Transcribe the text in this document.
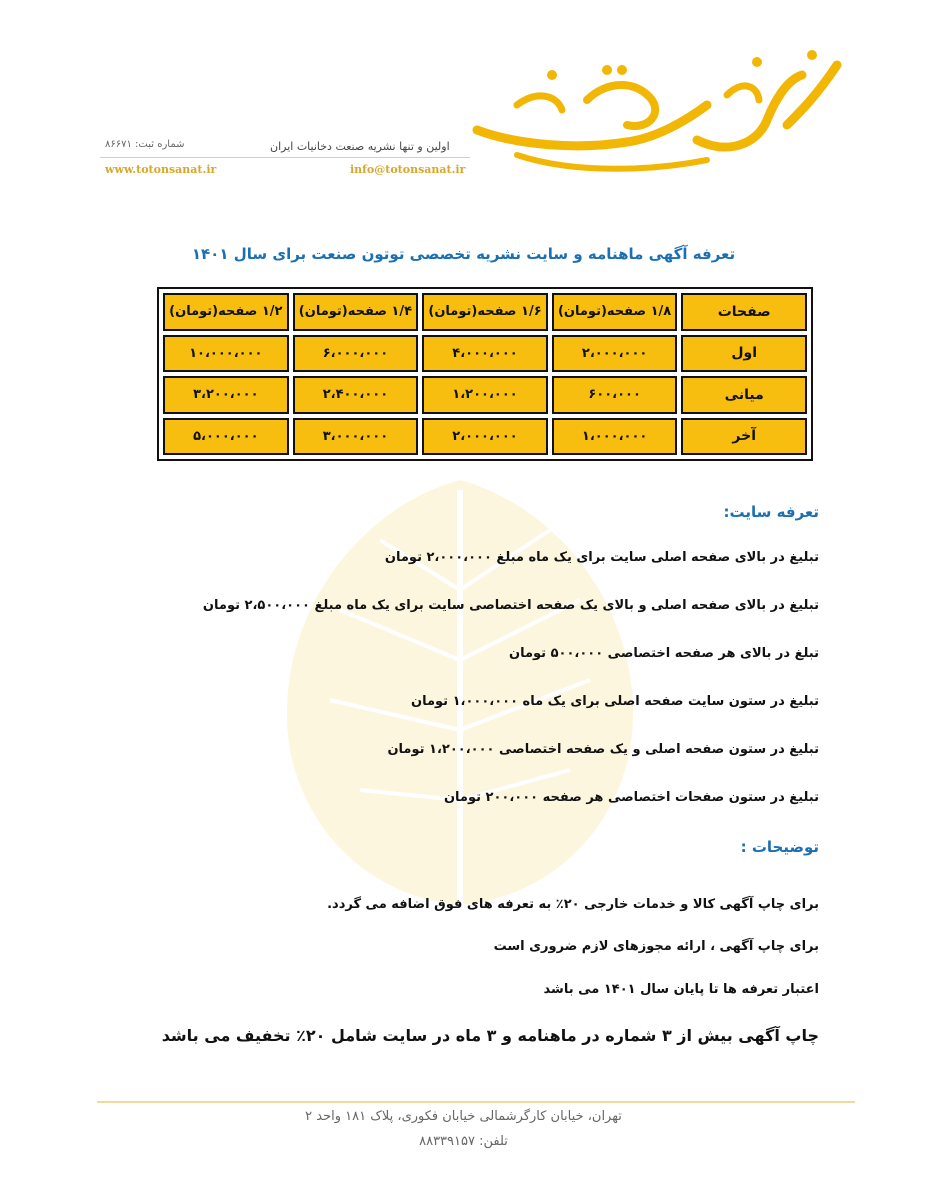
اولین و تنها نشریه صنعت دخانیات ایران
شماره ثبت: ۸۶۶۷۱
www.totonsanat.ir	info@totonsanat.ir
تعرفه آگهی ماهنامه و سایت نشریه تخصصی توتون صنعت برای سال ۱۴۰۱
صفحات	۱/۸ صفحه(تومان)	۱/۶ صفحه(تومان)	۱/۴ صفحه(تومان)	۱/۲ صفحه(تومان)
اول	۲،۰۰۰،۰۰۰	۴،۰۰۰،۰۰۰	۶،۰۰۰،۰۰۰	۱۰،۰۰۰،۰۰۰
میانی	۶۰۰،۰۰۰	۱،۲۰۰،۰۰۰	۲،۴۰۰،۰۰۰	۳،۲۰۰،۰۰۰
آخر	۱،۰۰۰،۰۰۰	۲،۰۰۰،۰۰۰	۳،۰۰۰،۰۰۰	۵،۰۰۰،۰۰۰
تعرفه سایت:
تبلیغ در بالای صفحه اصلی سایت برای یک ماه مبلغ ۲،۰۰۰،۰۰۰ تومان
تبلیغ در بالای صفحه اصلی و بالای یک صفحه اختصاصی سایت برای یک ماه مبلغ ۲،۵۰۰،۰۰۰ تومان
تبلغ در بالای هر صفحه اختصاصی ۵۰۰،۰۰۰ تومان
تبلیغ در ستون سایت صفحه اصلی برای یک ماه ۱،۰۰۰،۰۰۰ تومان
تبلیغ در ستون صفحه اصلی و یک صفحه اختصاصی ۱،۲۰۰،۰۰۰ تومان
تبلیغ در ستون صفحات اختصاصی هر صفحه ۲۰۰،۰۰۰ تومان
توضیحات :
برای چاپ آگهی کالا و خدمات خارجی ۲۰٪ به تعرفه های فوق اضافه می گردد.
برای چاپ آگهی ، ارائه مجوزهای لازم ضروری است
اعتبار تعرفه ها تا پایان سال ۱۴۰۱ می باشد
چاپ آگهی بیش از ۳ شماره در ماهنامه و ۳ ماه در سایت شامل ۲۰٪ تخفیف می باشد
تهران، خیابان کارگرشمالی خیابان فکوری، پلاک ۱۸۱ واحد ۲
تلفن: ۸۸۳۳۹۱۵۷
